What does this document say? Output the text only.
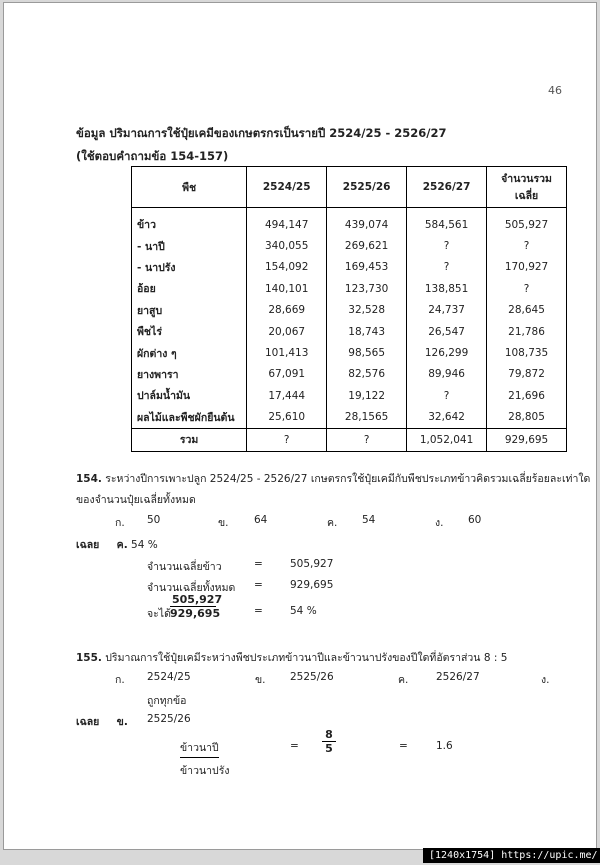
46
ข้อมูล ปริมาณการใช้ปุ๋ยเคมีของเกษตรกรเป็นรายปี 2524/25 - 2526/27
(ใช้ตอบคำถามข้อ 154-157)
พืช	2524/25	2525/26	2526/27	จำนวนรวม
เฉลี่ย
ข้าว	494,147	439,074	584,561	505,927
- นาปี	340,055	269,621	?	?
- นาปรัง	154,092	169,453	?	170,927
อ้อย	140,101	123,730	138,851	?
ยาสูบ	28,669	32,528	24,737	28,645
พืชไร่	20,067	18,743	26,547	21,786
ผักต่าง ๆ	101,413	98,565	126,299	108,735
ยางพารา	67,091	82,576	89,946	79,872
ปาล์มน้ำมัน	17,444	19,122	?	21,696
ผลไม้และพืชผักยืนต้น	25,610	28,1565	32,642	28,805
รวม	?	?	1,052,041	929,695
154. ระหว่างปีการเพาะปลูก 2524/25 - 2526/27 เกษตรกรใช้ปุ๋ยเคมีกับพืชประเภทข้าวคิดรวมเฉลี่ยร้อยละเท่าใด
ของจำนวนปุ๋ยเฉลี่ยทั้งหมด
ก. 50	ข. 64	ค. 54	ง. 60
เฉลย ค. 54 %
จำนวนเฉลี่ยข้าว	=	505,927
จำนวนเฉลี่ยทั้งหมด =	929,695
จะได้ $\frac{505,927}{929,695}$	=	54 %
155. ปริมาณการใช้ปุ๋ยเคมีระหว่างพืชประเภทข้าวนาปีและข้าวนาปรังของปีใดที่อัตราส่วน 8 : 5
ก. 2524/25	ข. 2525/26	ค.	2526/27	ง.
ถูกทุกข้อ
เฉลย ข. 2525/26
ข้าวนาปี
ข้าวนาปรัง
= $\frac{8}{5}$	=	1.6
[1240x1754] https://upic.me/
